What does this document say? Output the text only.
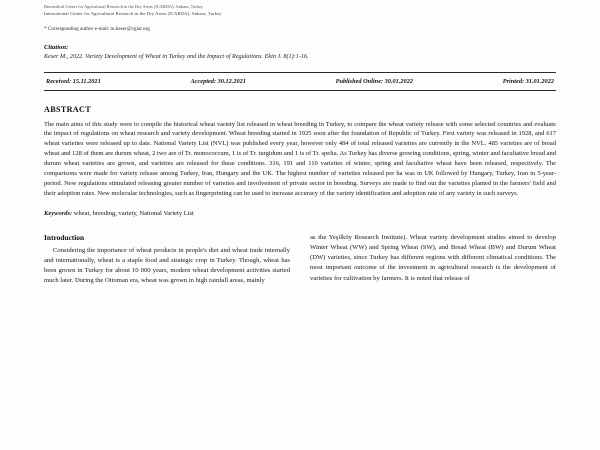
Biomedical Center for Agricultural Research in the Dry Areas (ICARDA), Ankara, Turkey
International Center for Agricultural Research in the Dry Areas (ICARDA), Ankara, Turkey
* Corresponding author e-mail: m.keser@cgiar.org
Citation:
Keser M., 2022. Variety Development of Wheat in Turkey and the Impact of Regulations. Ekin J. 8(1):1-16.
Received: 15.11.2021	Accepted: 30.12.2021	Published Online: 30.01.2022	Printed: 31.01.2022
ABSTRACT

The main aims of this study were to compile the historical wheat variety list released in wheat breeding in Turkey, to compare the wheat variety release with some selected countries and evaluate the impact of regulations on wheat research and variety development. Wheat breeding started in 1925 soon after the foundation of Republic of Turkey. First variety was released in 1928, and 617 wheat varieties were released up to date. National Variety List (NVL) was published every year, however only 484 of total released varieties are currently in the NVL. 485 varieties are of bread wheat and 128 of them are durum wheat, 2 two are of Tr. monococcum, 1 is of Tr. turgidum and 1 is of Tr. spelta. As Turkey has diverse growing conditions, spring, winter and facultative bread and durum wheat varieties are grown, and varieties are released for these conditions. 316, 191 and 110 varieties of winter, spring and facultative wheat have been released, respectively. The comparisons were made for variety release among Turkey, Iran, Hungary and the UK. The highest number of varieties released per ha was in UK followed by Hungary, Turkey, Iran in 5-year-period. New regulations stimulated releasing greater number of varieties and involvement of private sector in breeding. Surveys are made to find out the varieties planted in the farmers' field and their adoption rates. New molecular technologies, such as fingerprinting can be used to increase accuracy of the variety identification and adoption rate of any variety in such surveys.

Keywords: wheat, breeding, variety, National Variety List

Introduction

Considering the importance of wheat products in people's diet and wheat trade internally and internationally, wheat is a staple food and strategic crop in Turkey. Though, wheat has been grown in Turkey for about 10 000 years, modern wheat development activities started much later. During the Ottoman era, wheat was grown in high rainfall areas, mainly

as the Yeşilköy Research Institute). Wheat variety development studies aimed to develop Winter Wheat (WW) and Spring Wheat (SW), and Bread Wheat (BW) and Durum Wheat (DW) varieties, since Turkey has different regions with different climatical conditions. The most important outcome of the investment in agricultural research is the development of varieties for cultivation by farmers. It is noted that release of
